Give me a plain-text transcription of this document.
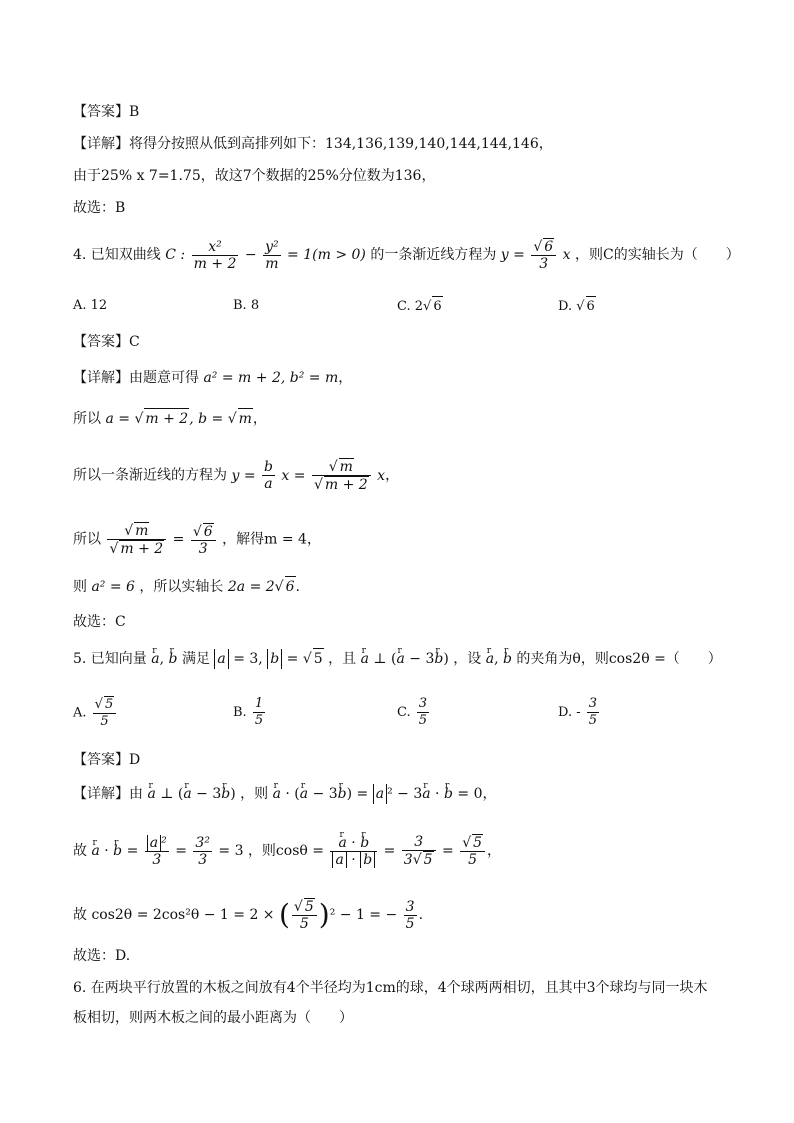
【答案】B
【详解】将得分按照从低到高排列如下：134,136,139,140,144,144,146，
由于25% x 7=1.75，故这7个数据的25%分位数为136，
故选：B
4. 已知双曲线 C : $\frac{\text{x²}}{m + 2} - \frac{\text{y²}}{m} = 1(m > 0)$ 的一条渐近线方程为 $y = \frac{√ 6}{3}$ x ，则C的实轴长为（　　）
A. 12	B. 8	C. 2√ 6	D. √ 6
【答案】C
【详解】由题意可得 a² = m + 2, b² = m，
所以 a = √ m + 2, b = √ m，
所以一条渐近线的方程为 $y = \frac{b}{a}$ $x = \frac{√ m}{√ m + 2}$ x，
所以 $\frac{√ m}{√ m + 2} = \frac{√ 6}{3}$ ，解得m = 4，
则 a² = 6 ，所以实轴长 2a = 2√ 6.
故选：C
5. 已知向量 r a, r b 满足 a = 3, b = √ 5 ，且 r a ⊥ (r a − 3r b) ，设 r a, r b 的夹角为θ，则cos2θ =（　　）
A. $\frac{√ 5}{5}$	B. $\frac{1}{5}$	C. $\frac{3}{5}$	D. - $\frac{3}{5}$
【答案】D
【详解】由 r a ⊥ (r a − 3r b) ，则 r a · (r a − 3r b) = a ² − 3r a · r b = 0，
故 r a · r $b = \frac{\text{a ²}}{3} = \frac{\text{3²}}{3} = 3$ ，则cosθ = r $\frac{\text{a · r b}}{a \cdot b} = \frac{3}{3√ 5} = \frac{√ 5}{5}$ ，
故 cos2θ = 2cos²θ − 1 = 2 × ( $\frac{√ 5}{5} )^2 - 1$ = − $\frac{3}{5}$ .
故选：D.
6. 在两块平行放置的木板之间放有4个半径均为1cm的球，4个球两两相切，且其中3个球均与同一块木
板相切，则两木板之间的最小距离为（　　）
